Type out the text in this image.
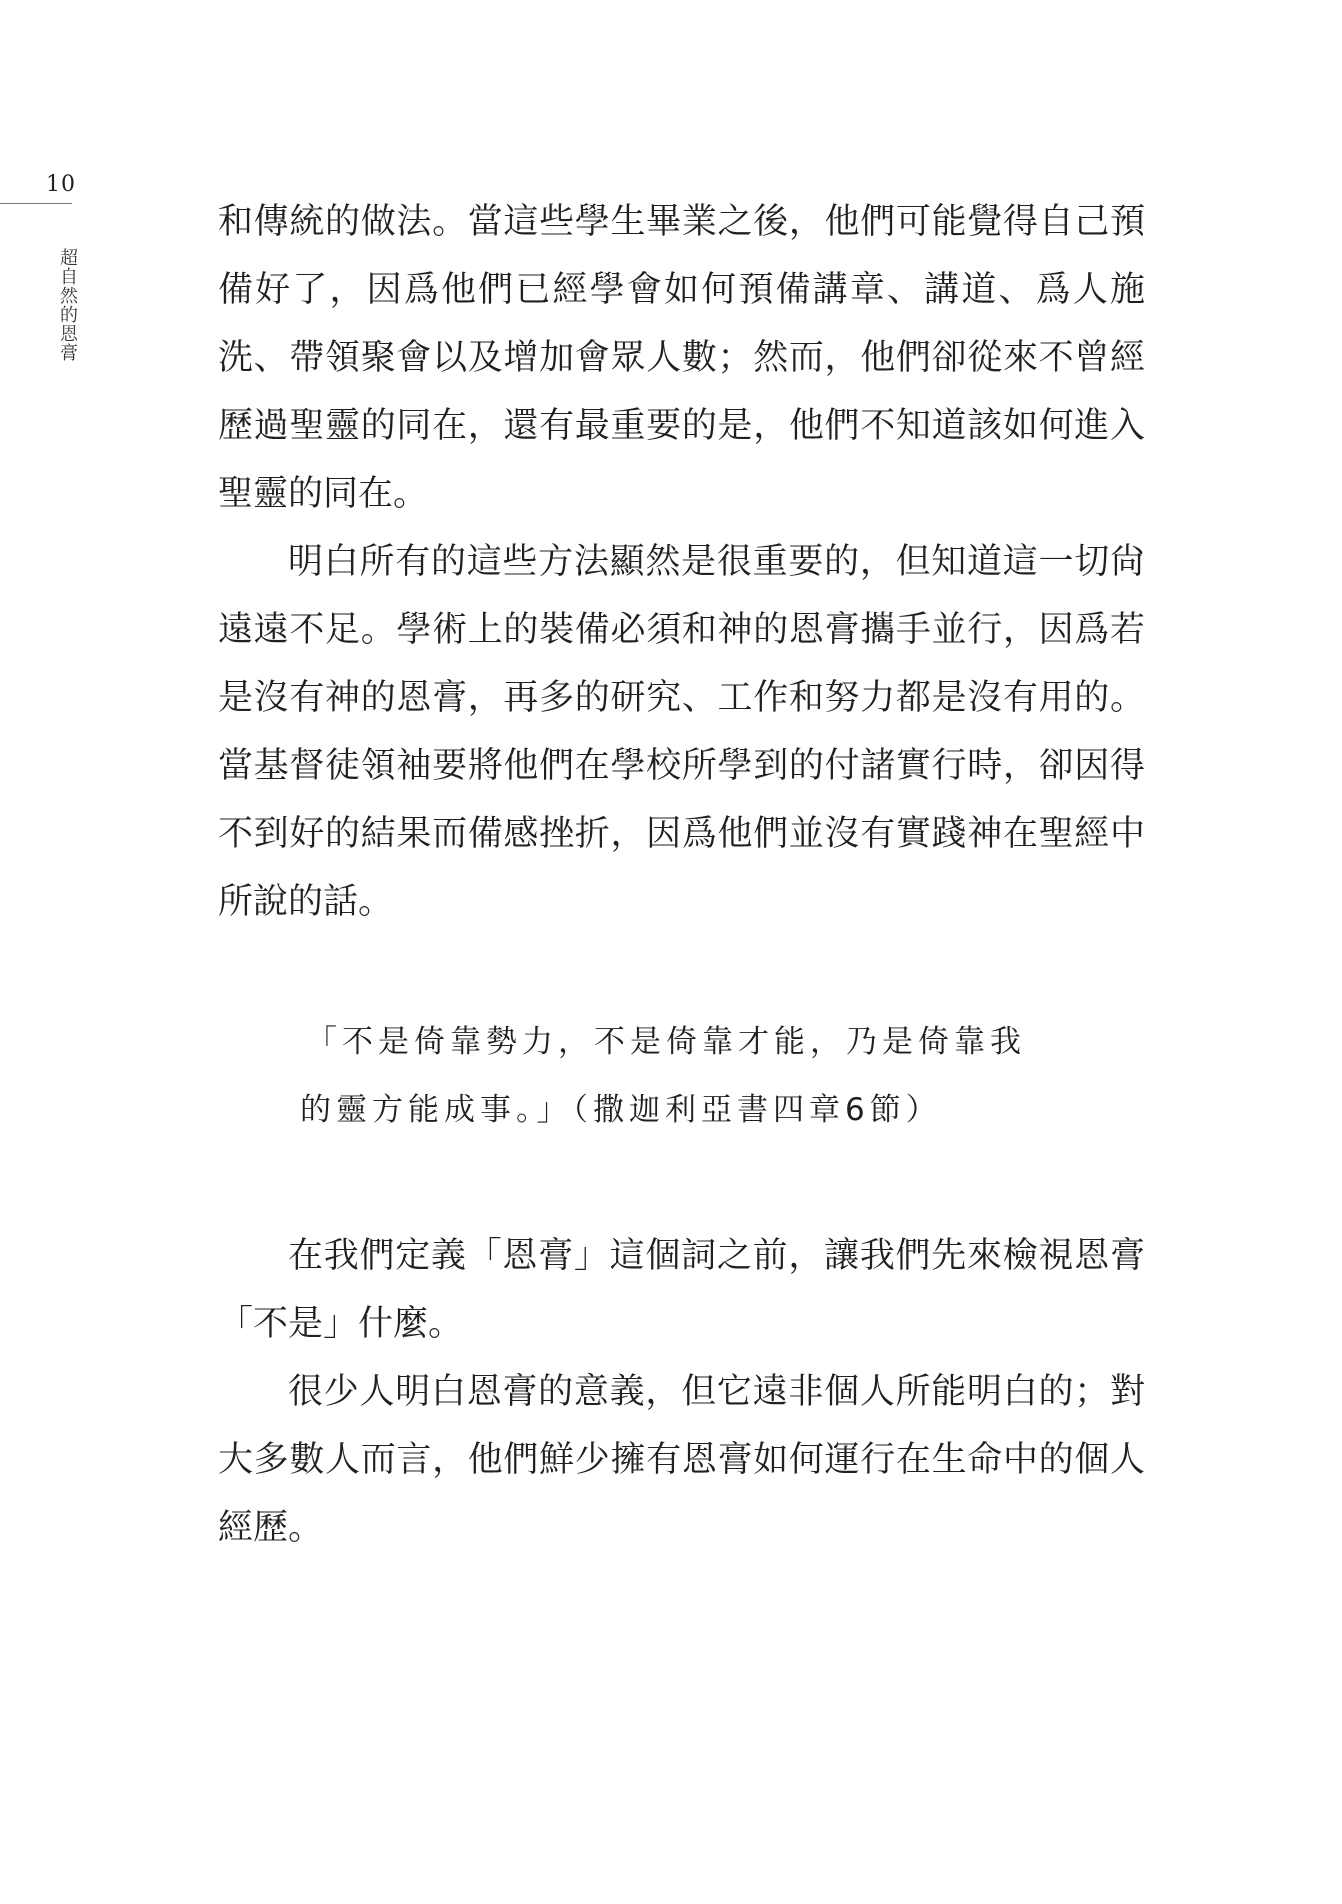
10
超自然的恩膏

和傳統的做法。當這些學生畢業之後，他們可能覺得自己預備好了，因爲他們已經學會如何預備講章、講道、爲人施洗、帶領聚會以及增加會眾人數；然而，他們卻從來不曾經歷過聖靈的同在，還有最重要的是，他們不知道該如何進入聖靈的同在。

明白所有的這些方法顯然是很重要的，但知道這一切尙遠遠不足。學術上的裝備必須和神的恩膏攜手並行，因爲若是沒有神的恩膏，再多的研究、工作和努力都是沒有用的。當基督徒領袖要將他們在學校所學到的付諸實行時，卻因得不到好的結果而備感挫折，因爲他們並沒有實踐神在聖經中所說的話。

「不是倚靠勢力，不是倚靠才能，乃是倚靠我

的靈方能成事。」（撒迦利亞書四章6節）

在我們定義「恩膏」這個詞之前，讓我們先來檢視恩膏「不是」什麼。

很少人明白恩膏的意義，但它遠非個人所能明白的；對大多數人而言，他們鮮少擁有恩膏如何運行在生命中的個人經歷。
